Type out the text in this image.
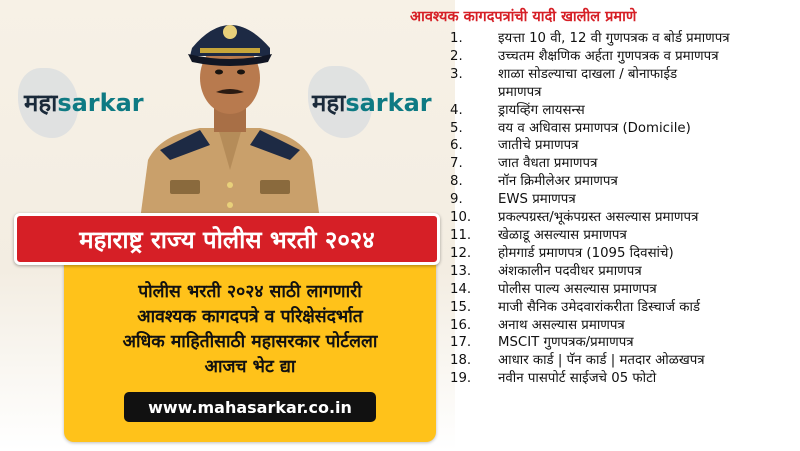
महाsarkar	महाsarkar
महाराष्ट्र राज्य पोलीस भरती २०२४
पोलीस भरती २०२४ साठी लागणारी
आवश्यक कागदपत्रे व परिक्षेसंदर्भात
अधिक माहितीसाठी महासरकार पोर्टलला
आजच भेट द्या
www.mahasarkar.co.in
आवश्यक कागदपत्रांची यादी खालील प्रमाणे
1.	इयत्ता 10 वी, 12 वी गुणपत्रक व बोर्ड प्रमाणपत्र
2.	उच्चतम शैक्षणिक अर्हता गुणपत्रक व प्रमाणपत्र
3.	शाळा सोडल्याचा दाखला / बोनाफाईड
प्रमाणपत्र
4.	ड्रायव्हिंग लायसन्स
5.	वय व अधिवास प्रमाणपत्र (Domicile)
6.	जातीचे प्रमाणपत्र
7.	जात वैधता प्रमाणपत्र
8.	नॉन क्रिमीलेअर प्रमाणपत्र
9.	EWS प्रमाणपत्र
10.	प्रकल्पग्रस्त/भूकंपग्रस्त असल्यास प्रमाणपत्र
11.	खेळाडू असल्यास प्रमाणपत्र
12.	होमगार्ड प्रमाणपत्र (1095 दिवसांचे)
13.	अंशकालीन पदवीधर प्रमाणपत्र
14.	पोलीस पाल्य असल्यास प्रमाणपत्र
15.	माजी सैनिक उमेदवारांकरीता डिस्चार्ज कार्ड
16.	अनाथ असल्यास प्रमाणपत्र
17.	MSCIT गुणपत्रक/प्रमाणपत्र
18.	आधार कार्ड | पॅन कार्ड | मतदार ओळखपत्र
19.	नवीन पासपोर्ट साईजचे 05 फोटो
